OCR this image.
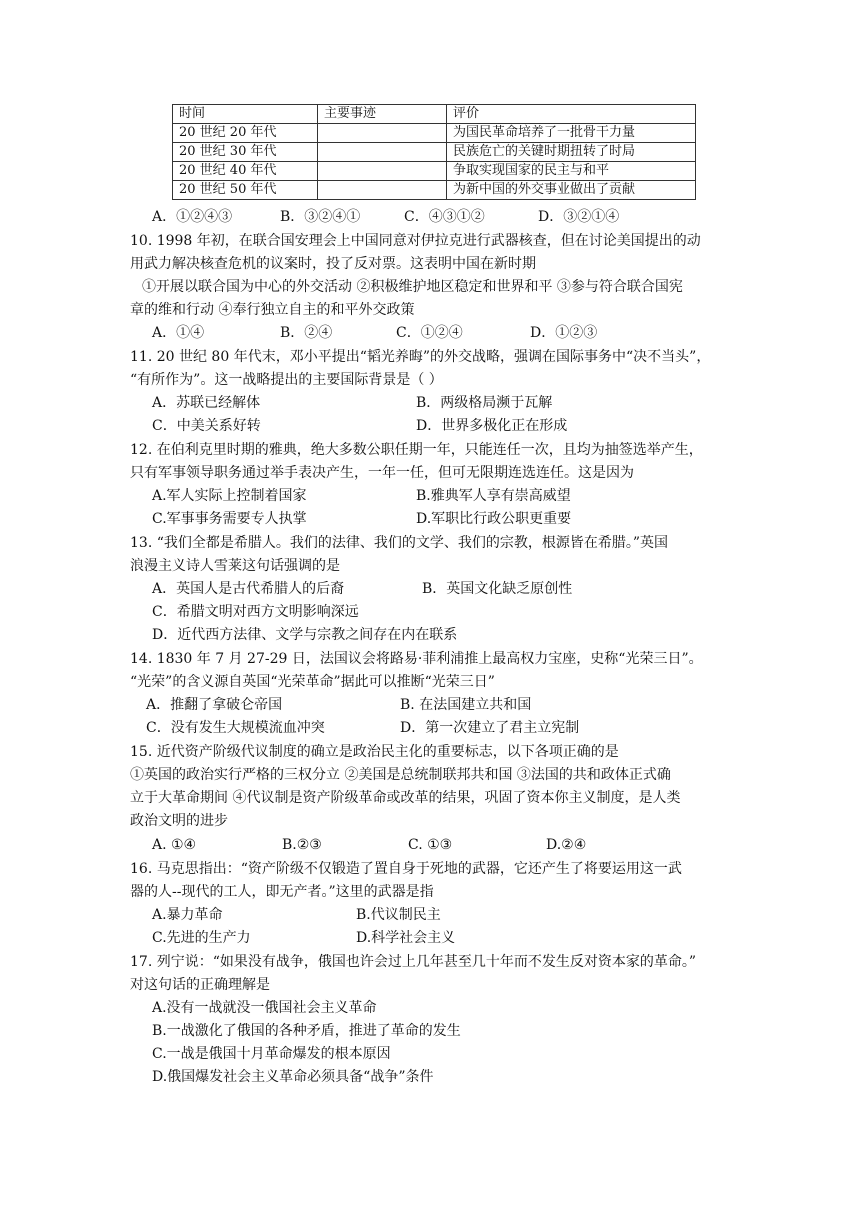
时间	主要事迹	评价
20 世纪 20 年代		为国民革命培养了一批骨干力量
20 世纪 30 年代		民族危亡的关键时期扭转了时局
20 世纪 40 年代		争取实现国家的民主与和平
20 世纪 50 年代		为新中国的外交事业做出了贡献
A．①②④③	B．③②④①	C．④③①②	D．③②①④
10. 1998 年初，在联合国安理会上中国同意对伊拉克进行武器核查，但在讨论美国提出的动
用武力解决核查危机的议案时，投了反对票。这表明中国在新时期
①开展以联合国为中心的外交活动 ②积极维护地区稳定和世界和平 ③参与符合联合国宪
章的维和行动 ④奉行独立自主的和平外交政策
A．①④	B．②④	C．①②④	D．①②③
11. 20 世纪 80 年代末，邓小平提出“韬光养晦”的外交战略，强调在国际事务中“决不当头”，
“有所作为”。这一战略提出的主要国际背景是（ ）
A．苏联已经解体	B．两级格局濒于瓦解
C．中美关系好转	D．世界多极化正在形成
12. 在伯利克里时期的雅典，绝大多数公职任期一年，只能连任一次，且均为抽签选举产生，
只有军事领导职务通过举手表决产生，一年一任，但可无限期连选连任。这是因为
A.军人实际上控制着国家	B.雅典军人享有崇高威望
C.军事事务需要专人执掌	D.军职比行政公职更重要
13. “我们全都是希腊人。我们的法律、我们的文学、我们的宗教，根源皆在希腊。”英国
浪漫主义诗人雪莱这句话强调的是
A．英国人是古代希腊人的后裔	B．英国文化缺乏原创性
C．希腊文明对西方文明影响深远
D．近代西方法律、文学与宗教之间存在内在联系
14. 1830 年 7 月 27-29 日，法国议会将路易·菲利浦推上最高权力宝座，史称“光荣三日”。
“光荣”的含义源自英国“光荣革命”据此可以推断“光荣三日”
A．推翻了拿破仑帝国	B. 在法国建立共和国
C．没有发生大规模流血冲突	D．第一次建立了君主立宪制
15. 近代资产阶级代议制度的确立是政治民主化的重要标志，以下各项正确的是
①英国的政治实行严格的三权分立 ②美国是总统制联邦共和国 ③法国的共和政体正式确
立于大革命期间 ④代议制是资产阶级革命或改革的结果，巩固了资本你主义制度，是人类
政治文明的进步
A. ①④	B.②③	C. ①③	D.②④
16. 马克思指出：“资产阶级不仅锻造了置自身于死地的武器，它还产生了将要运用这一武
器的人--现代的工人，即无产者。”这里的武器是指
A.暴力革命	B.代议制民主
C.先进的生产力	D.科学社会主义
17. 列宁说：“如果没有战争，俄国也许会过上几年甚至几十年而不发生反对资本家的革命。”
对这句话的正确理解是
A.没有一战就没一俄国社会主义革命
B.一战激化了俄国的各种矛盾，推进了革命的发生
C.一战是俄国十月革命爆发的根本原因
D.俄国爆发社会主义革命必须具备“战争”条件
